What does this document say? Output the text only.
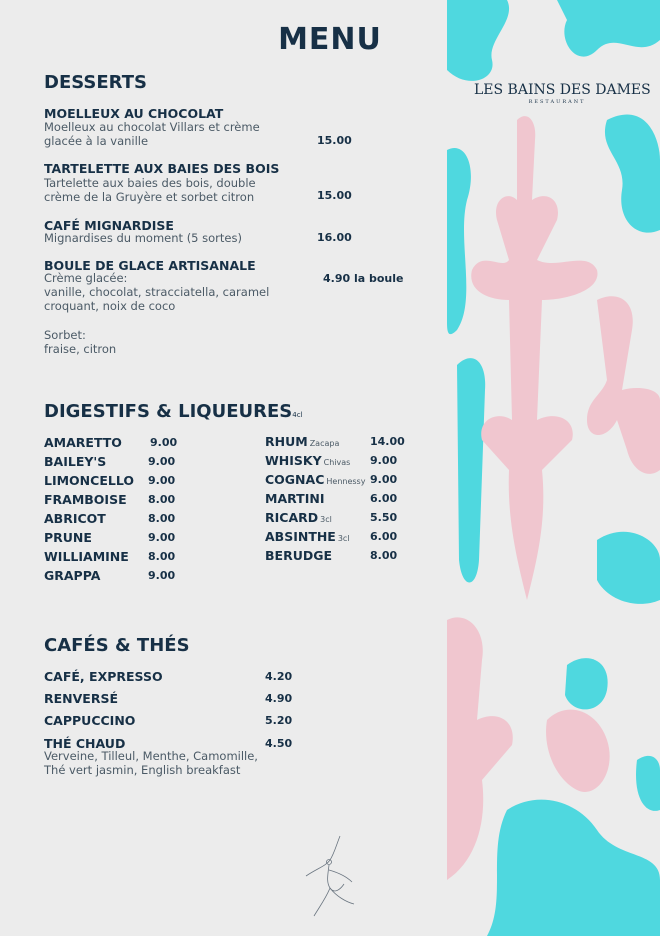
MENU
LES BAINS DES DAMES
RESTAURANT
DESSERTS
MOELLEUX AU CHOCOLAT
Moelleux au chocolat Villars et crème
glacée à la vanille	15.00
TARTELETTE AUX BAIES DES BOIS
Tartelette aux baies des bois, double
crème de la Gruyère et sorbet citron	15.00
CAFÉ MIGNARDISE
Mignardises du moment (5 sortes)	16.00
BOULE DE GLACE ARTISANALE
Crème glacée:
vanille, chocolat, stracciatella, caramel
croquant, noix de coco
4.90 la boule
Sorbet:
fraise, citron
DIGESTIFS & LIQUEURES4cl
AMARETTO	9.00
BAILEY'S	9.00
LIMONCELLO 9.00
FRAMBOISE 8.00
ABRICOT	8.00
PRUNE	9.00
WILLIAMINE 8.00
GRAPPA	9.00
RHUM Zacapa	14.00
WHISKY Chivas 9.00
COGNAC Hennessy 9.00
MARTINI	6.00
RICARD 3cl	5.50
ABSINTHE 3cl 6.00
BERUDGE	8.00
CAFÉS & THÉS
CAFÉ, EXPRESSO	4.20
RENVERSÉ	4.90
CAPPUCCINO	5.20
THÉ CHAUD	4.50
Verveine, Tilleul, Menthe, Camomille,
Thé vert jasmin, English breakfast
